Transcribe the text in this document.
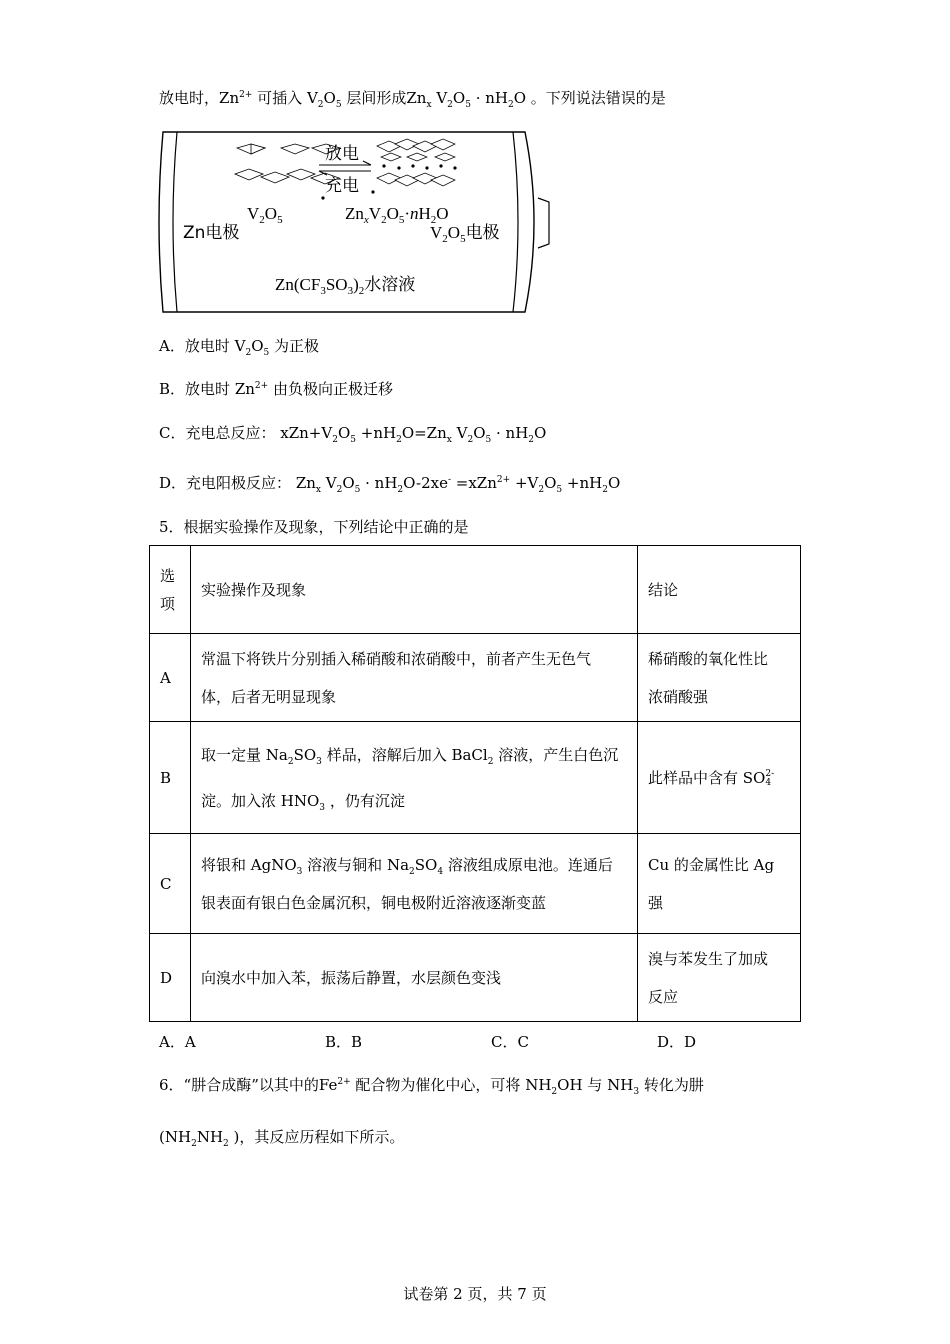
放电时，$Zn^{2+}$ 可插入 $V_2O_5$ 层间形成$Zn_x$ $V_2O_5 \cdot nH_2O$ 。下列说法错误的是
放电
充电
$V_2O_5$	$Zn_xV_2O_5\cdot nH_2O$
Zn电极	$V_2O_5$电极
$Zn(CF_3SO_3)_2$水溶液
A．放电时 $V_2O_5$ 为正极
B．放电时 $Zn^{2+}$ 由负极向正极迁移
C．充电总反应： $xZn+V_2O_5 +nH_2O=Zn_x$ $V_2O_5 \cdot nH_2O$
D．充电阳极反应： $Zn_x$ $V_2O_5 \cdot nH_2O-2xe^- =xZn^{2+} +V_2O_5 +nH_2O$
5．根据实验操作及现象，下列结论中正确的是
选
项	实验操作及现象	结论
A	常温下将铁片分别插入稀硝酸和浓硝酸中，前者产生无色气
体，后者无明显现象	稀硝酸的氧化性比
浓硝酸强
B	取一定量 $Na_2SO_3$ 样品，溶解后加入 BaCl$_2$ 溶液，产生白色沉
淀。加入浓 $HNO_3$ ，仍有沉淀	此样品中含有 SO2-
4
C	将银和 AgNO$_3$ 溶液与铜和 $Na_2SO_4$ 溶液组成原电池。连通后
银表面有银白色金属沉积，铜电极附近溶液逐渐变蓝	Cu 的金属性比 Ag
强
D	向溴水中加入苯，振荡后静置，水层颜色变浅	溴与苯发生了加成
反应
A．A	B．B	C．C	D．D
6．“肼合成酶”以其中的$Fe^{2+}$ 配合物为催化中心，可将 $NH_2OH$ 与 $NH_3$ 转化为肼
($NH_2NH_2$ )，其反应历程如下所示。
试卷第 2 页，共 7 页
